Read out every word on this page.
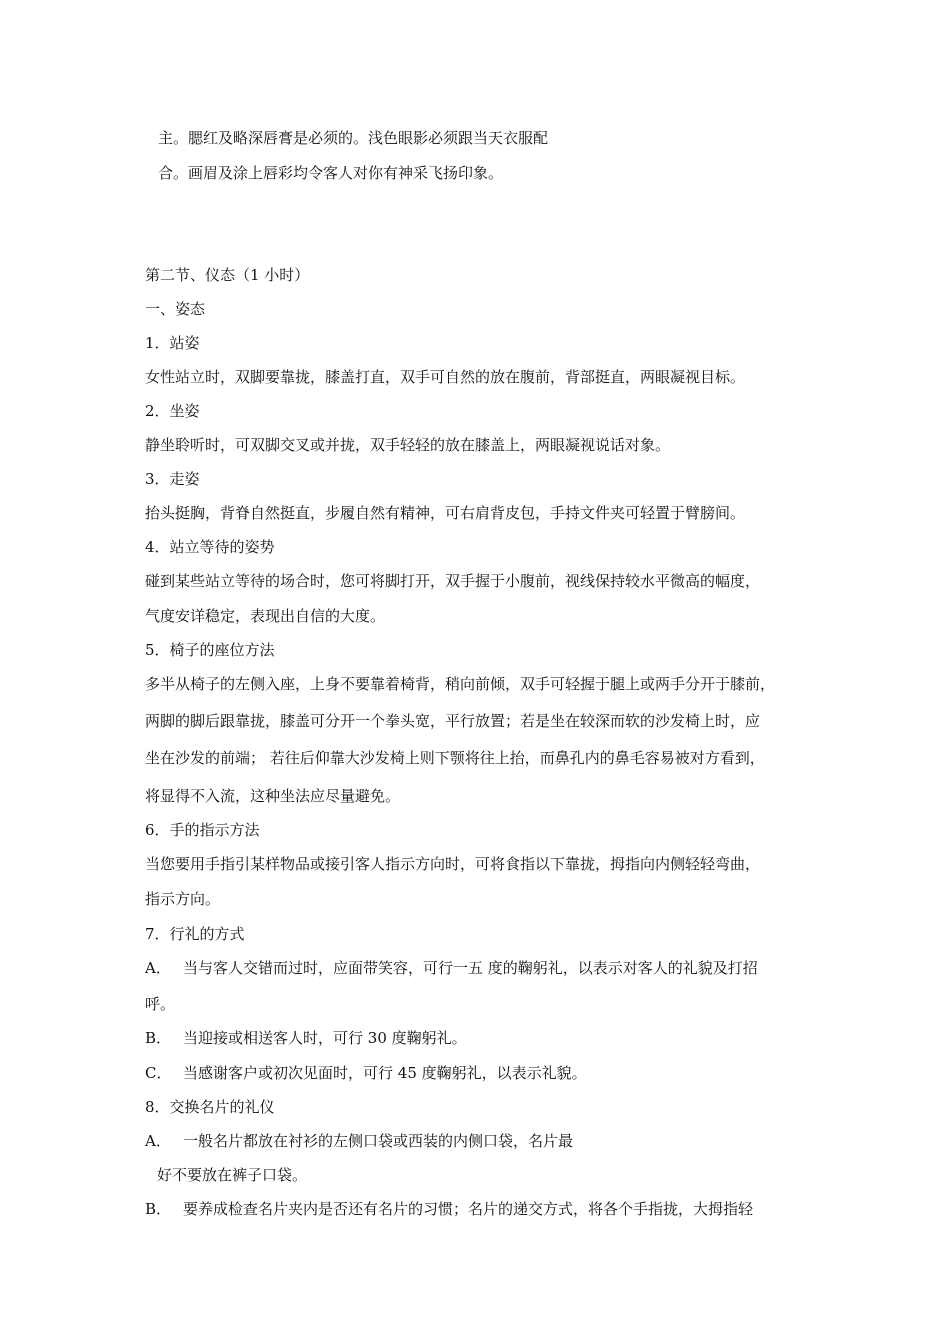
主。腮红及略深唇膏是必须的。浅色眼影必须跟当天衣服配
合。画眉及涂上唇彩均令客人对你有神采飞扬印象。
第二节、仪态（1 小时）
一、姿态
1．站姿
女性站立时，双脚要靠拢，膝盖打直，双手可自然的放在腹前，背部挺直，两眼凝视目标。
2．坐姿
静坐聆听时，可双脚交叉或并拢，双手轻轻的放在膝盖上，两眼凝视说话对象。
3．走姿
抬头挺胸，背脊自然挺直，步履自然有精神，可右肩背皮包，手持文件夹可轻置于臂膀间。
4．站立等待的姿势
碰到某些站立等待的场合时，您可将脚打开，双手握于小腹前，视线保持较水平微高的幅度，
气度安详稳定，表现出自信的大度。
5．椅子的座位方法
多半从椅子的左侧入座，上身不要靠着椅背，稍向前倾，双手可轻握于腿上或两手分开于膝前，
两脚的脚后跟靠拢，膝盖可分开一个拳头宽，平行放置；若是坐在较深而软的沙发椅上时，应
坐在沙发的前端； 若往后仰靠大沙发椅上则下颚将往上抬，而鼻孔内的鼻毛容易被对方看到，
将显得不入流，这种坐法应尽量避免。
6．手的指示方法
当您要用手指引某样物品或接引客人指示方向时，可将食指以下靠拢，拇指向内侧轻轻弯曲，
指示方向。
7．行礼的方式
A． 当与客人交错而过时，应面带笑容，可行一五 度的鞠躬礼，以表示对客人的礼貌及打招
呼。
B． 当迎接或相送客人时，可行 30 度鞠躬礼。
C． 当感谢客户或初次见面时，可行 45 度鞠躬礼，以表示礼貌。
8．交换名片的礼仪
A． 一般名片都放在衬衫的左侧口袋或西装的内侧口袋，名片最
好不要放在裤子口袋。
B． 要养成检查名片夹内是否还有名片的习惯；名片的递交方式，将各个手指拢，大拇指轻
